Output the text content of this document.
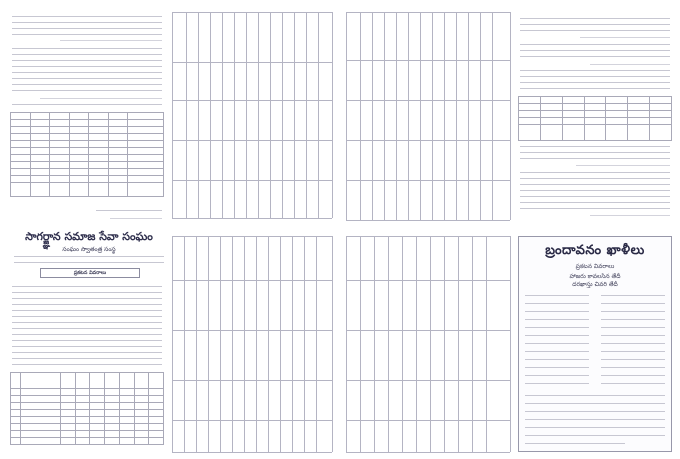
సాగర్జ్ఞాన సమాజ సేవా సంఘం
సంఘం స్వాతంత్ర సంస్థ
ప్రకటన వివరాలు

బ్రందావనం ఖాళీలు
ప్రకటన వివరాలు
హాజరు కావలసిన తేదీ
దరఖాస్తు చివరి తేదీ
